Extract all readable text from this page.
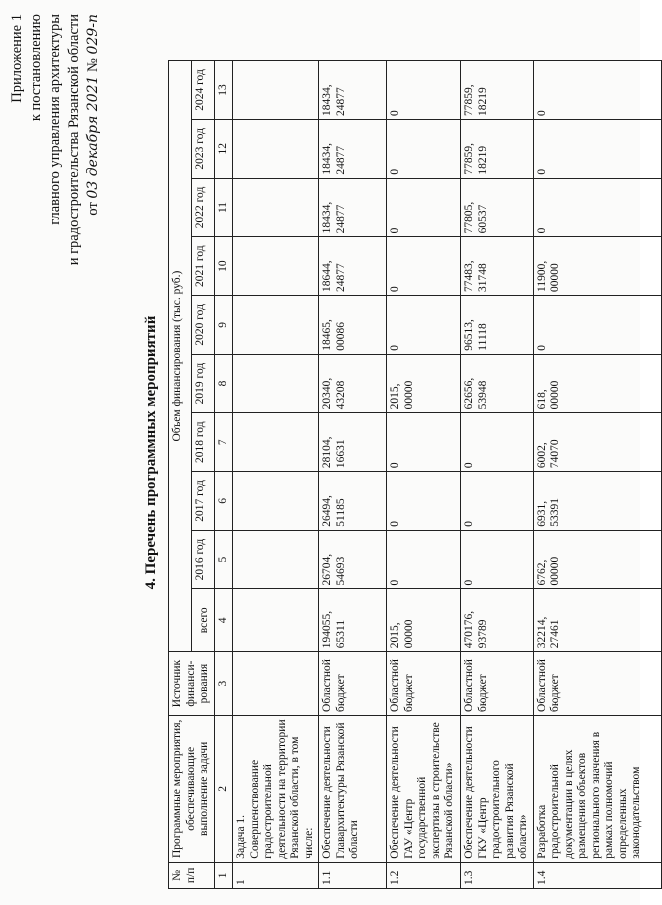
Приложение 1 к постановлению главного управления архитектуры и градостроительства Рязанской области от 03 декабря 2021 № 029-п
4. Перечень программных мероприятий
№ п/п	Программные мероприятия, обеспечивающие выполнение задачи	Источник финанси-рования	Объем финансирования (тыс. руб.)									
			всего	2016 год	2017 год	2018 год	2019 год	2020 год	2021 год	2022 год	2023 год	2024 год
1	2	3	4	5	6	7	8	9	10	11	12	13
1	Задача 1. Совершенствование градостроительной деятельности на территории Рязанской области, в том числе:											
1.1	Обеспечение деятельности Главархитектуры Рязанской области	Областной бюджет	194055, 65311	26704, 54693	26494, 51185	28104, 16631	20340, 43208	18465, 00086	18644, 24877	18434, 24877	18434, 24877	18434, 24877
1.2	Обеспечение деятельности ГАУ «Центр государственной экспертизы в строительстве Рязанской области»	Областной бюджет	2015, 00000	0	0	0	2015, 00000	0	0	0	0	0
1.3	Обеспечение деятельности ГКУ «Центр градостроительного развития Рязанской области»	Областной бюджет	470176, 93789	0	0	0	62656, 53948	96513, 11118	77483, 31748	77805, 60537	77859, 18219	77859, 18219
1.4	Разработка градостроительной документации в целях размещения объектов регионального значения в рамках полномочий определенных законодательством	Областной бюджет	32214, 27461	6762, 00000	6931, 53391	6002, 74070	618, 00000	0	11900, 00000	0	0	0
